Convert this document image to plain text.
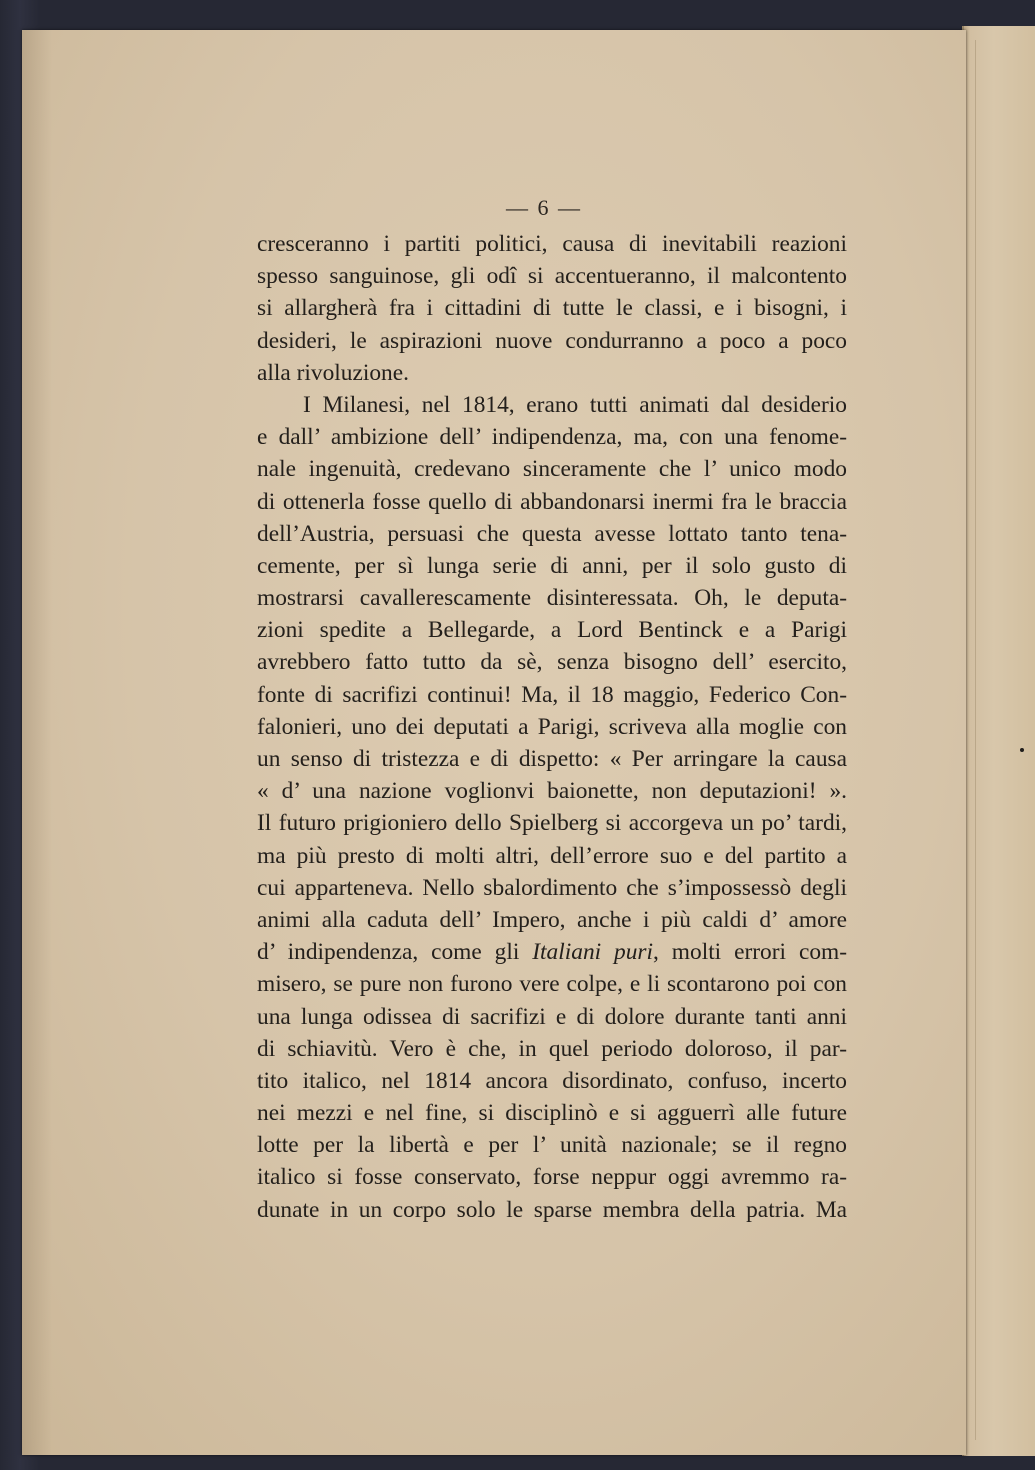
— 6 —
cresceranno i partiti politici, causa di inevitabili reazioni
spesso sanguinose, gli odî si accentueranno, il malcontento
si allargherà fra i cittadini di tutte le classi, e i bisogni, i
desideri, le aspirazioni nuove condurranno a poco a poco
alla rivoluzione.
I Milanesi, nel 1814, erano tutti animati dal desiderio
e dall’ ambizione dell’ indipendenza, ma, con una fenome-
nale ingenuità, credevano sinceramente che l’ unico modo
di ottenerla fosse quello di abbandonarsi inermi fra le braccia
dell’Austria, persuasi che questa avesse lottato tanto tena-
cemente, per sì lunga serie di anni, per il solo gusto di
mostrarsi cavallerescamente disinteressata. Oh, le deputa-
zioni spedite a Bellegarde, a Lord Bentinck e a Parigi
avrebbero fatto tutto da sè, senza bisogno dell’ esercito,
fonte di sacrifizi continui! Ma, il 18 maggio, Federico Con-
falonieri, uno dei deputati a Parigi, scriveva alla moglie con
un senso di tristezza e di dispetto: « Per arringare la causa
« d’ una nazione voglionvi baionette, non deputazioni! ».
Il futuro prigioniero dello Spielberg si accorgeva un po’ tardi,
ma più presto di molti altri, dell’errore suo e del partito a
cui apparteneva. Nello sbalordimento che s’impossessò degli
animi alla caduta dell’ Impero, anche i più caldi d’ amore
d’ indipendenza, come gli Italiani puri, molti errori com-
misero, se pure non furono vere colpe, e li scontarono poi con
una lunga odissea di sacrifizi e di dolore durante tanti anni
di schiavitù. Vero è che, in quel periodo doloroso, il par-
tito italico, nel 1814 ancora disordinato, confuso, incerto
nei mezzi e nel fine, si disciplinò e si agguerrì alle future
lotte per la libertà e per l’ unità nazionale; se il regno
italico si fosse conservato, forse neppur oggi avremmo ra-
dunate in un corpo solo le sparse membra della patria. Ma
